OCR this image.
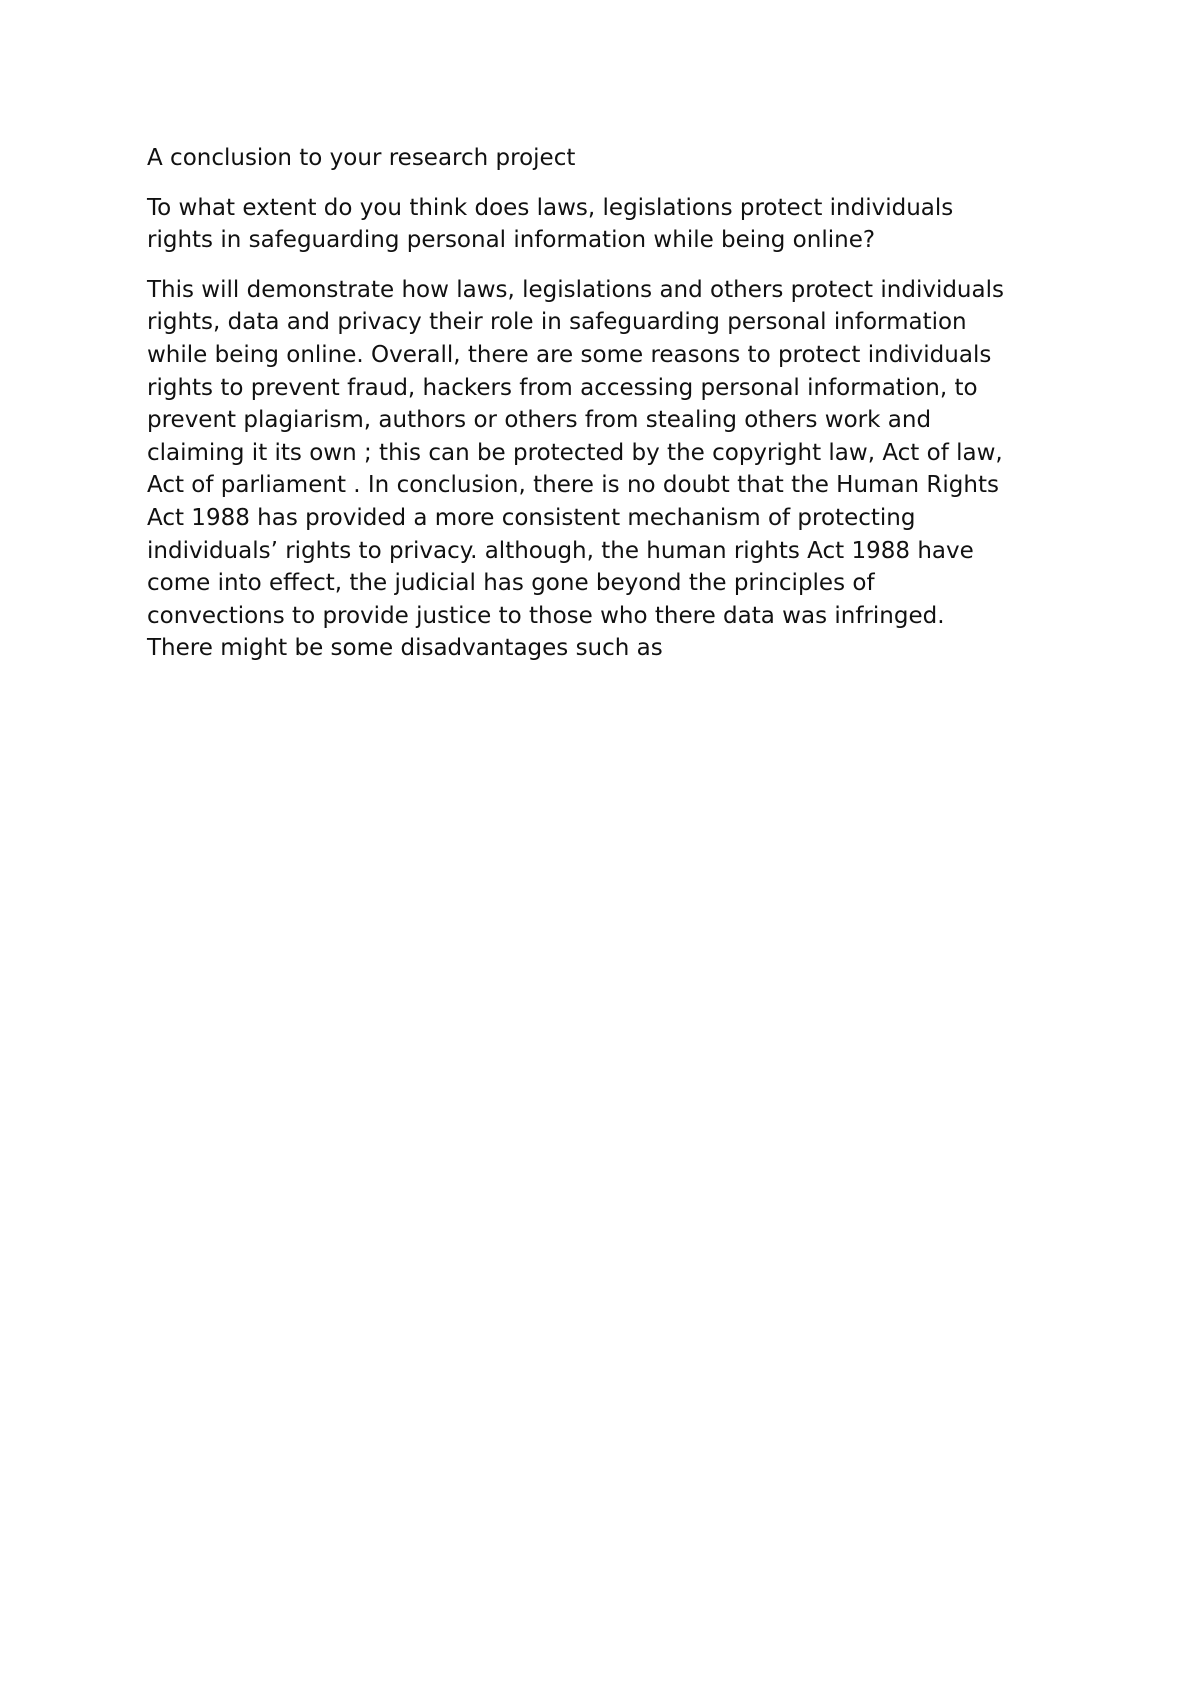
A conclusion to your research project

To what extent do you think does laws, legislations protect individuals
rights in safeguarding personal information while being online?

This will demonstrate how laws, legislations and others protect individuals
rights, data and privacy their role in safeguarding personal information
while being online. Overall, there are some reasons to protect individuals
rights to prevent fraud, hackers from accessing personal information, to
prevent plagiarism, authors or others from stealing others work and
claiming it its own ; this can be protected by the copyright law, Act of law,
Act of parliament . In conclusion, there is no doubt that the Human Rights
Act 1988 has provided a more consistent mechanism of protecting
individuals’ rights to privacy. although, the human rights Act 1988 have
come into effect, the judicial has gone beyond the principles of
convections to provide justice to those who there data was infringed.
There might be some disadvantages such as
